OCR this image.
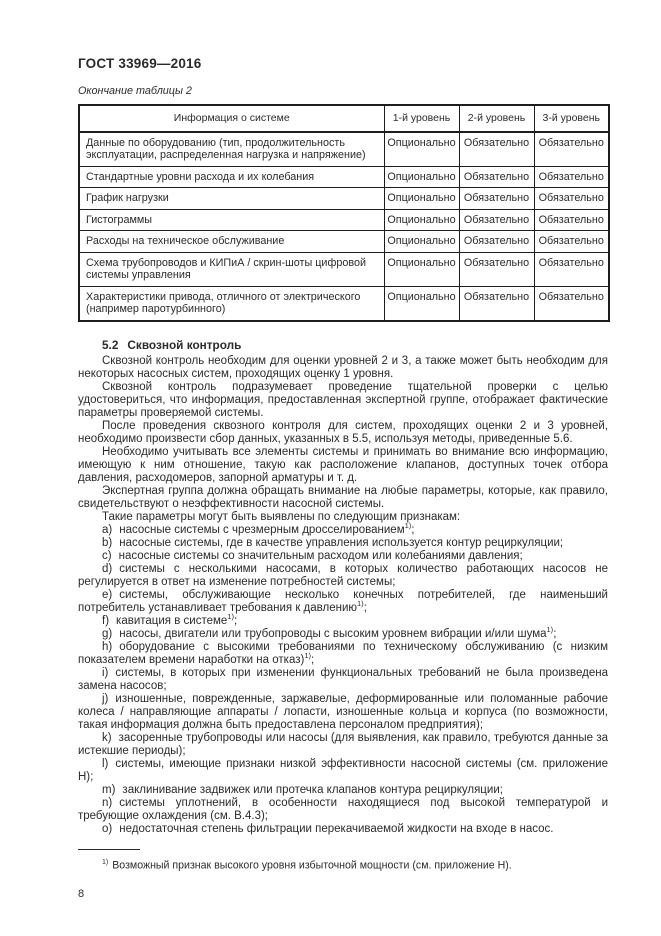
ГОСТ 33969—2016
Окончание таблицы 2
Информация о системе	1-й уровень	2-й уровень	3-й уровень
Данные по оборудованию (тип, продолжительность эксплуатации, распределенная нагрузка и напряжение)	Опционально	Обязательно	Обязательно
Стандартные уровни расхода и их колебания	Опционально	Обязательно	Обязательно
График нагрузки	Опционально	Обязательно	Обязательно
Гистограммы	Опционально	Обязательно	Обязательно
Расходы на техническое обслуживание	Опционально	Обязательно	Обязательно
Схема трубопроводов и КИПиА / скрин-шоты цифровой системы управления	Опционально	Обязательно	Обязательно
Характеристики привода, отличного от электрического (например паротурбинного)	Опционально	Обязательно	Обязательно
5.2 Сквозной контроль

Сквозной контроль необходим для оценки уровней 2 и 3, а также может быть необходим для некоторых насосных систем, проходящих оценку 1 уровня.

Сквозной контроль подразумевает проведение тщательной проверки с целью удостовериться, что информация, предоставленная экспертной группе, отображает фактические параметры проверяемой системы.

После проведения сквозного контроля для систем, проходящих оценки 2 и 3 уровней, необходимо произвести сбор данных, указанных в 5.5, используя методы, приведенные 5.6.

Необходимо учитывать все элементы системы и принимать во внимание всю информацию, имеющую к ним отношение, такую как расположение клапанов, доступных точек отбора давления, расходомеров, запорной арматуры и т. д.

Экспертная группа должна обращать внимание на любые параметры, которые, как правило, свидетельствуют о неэффективности насосной системы.

Такие параметры могут быть выявлены по следующим признакам:

a) насосные системы с чрезмерным дросселированием$^{1)}$;

b) насосные системы, где в качестве управления используется контур рециркуляции;

c) насосные системы со значительным расходом или колебаниями давления;

d) системы с несколькими насосами, в которых количество работающих насосов не регулируется в ответ на изменение потребностей системы;

e) системы, обслуживающие несколько конечных потребителей, где наименьший потребитель устанавливает требования к давлению$^{1)}$;

f) кавитация в системе$^{1)}$;

g) насосы, двигатели или трубопроводы с высоким уровнем вибрации и/или шума$^{1)}$;

h) оборудование с высокими требованиями по техническому обслуживанию (с низким показателем времени наработки на отказ)$^{1)}$;

i) системы, в которых при изменении функциональных требований не была произведена замена насосов;

j) изношенные, поврежденные, заржавелые, деформированные или поломанные рабочие колеса / направляющие аппараты / лопасти, изношенные кольца и корпуса (по возможности, такая информация должна быть предоставлена персоналом предприятия);

k) засоренные трубопроводы или насосы (для выявления, как правило, требуются данные за истекшие периоды);

l) системы, имеющие признаки низкой эффективности насосной системы (см. приложение Н);

m) заклинивание задвижек или протечка клапанов контура рециркуляции;

n) системы уплотнений, в особенности находящиеся под высокой температурой и требующие охлаждения (см. В.4.3);

o) недостаточная степень фильтрации перекачиваемой жидкости на входе в насос.

$^{1)}$ Возможный признак высокого уровня избыточной мощности (см. приложение Н).
8
